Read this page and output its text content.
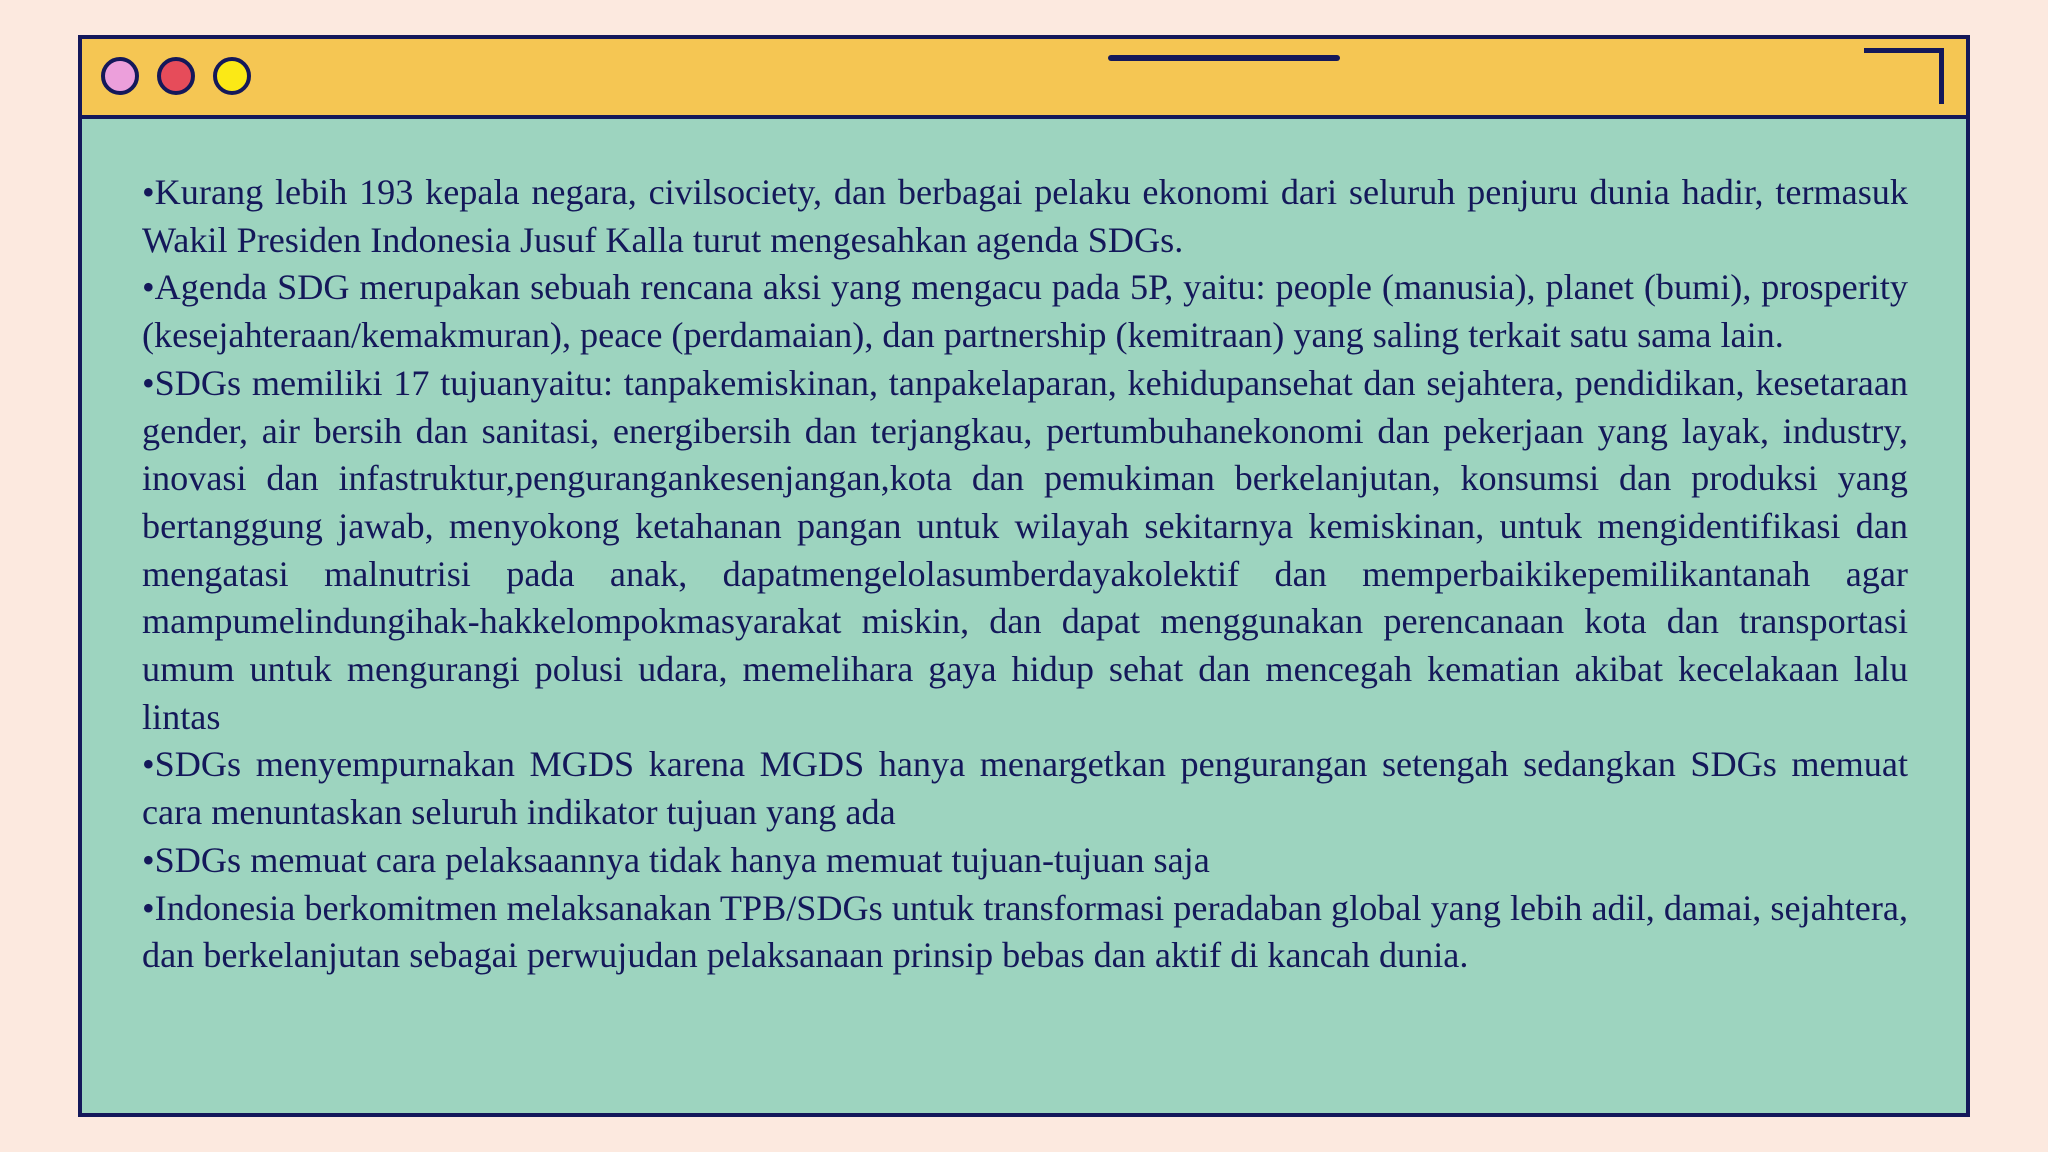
•Kurang lebih 193 kepala negara, civilsociety, dan berbagai pelaku ekonomi dari seluruh penjuru dunia hadir, termasuk Wakil Presiden Indonesia Jusuf Kalla turut mengesahkan agenda SDGs.

•Agenda SDG merupakan sebuah rencana aksi yang mengacu pada 5P, yaitu: people (manusia), planet (bumi), prosperity (kesejahteraan/kemakmuran), peace (perdamaian), dan partnership (kemitraan) yang saling terkait satu sama lain.

•SDGs memiliki 17 tujuanyaitu: tanpakemiskinan, tanpakelaparan, kehidupansehat dan sejahtera, pendidikan, kesetaraan gender, air bersih dan sanitasi, energibersih dan terjangkau, pertumbuhanekonomi dan pekerjaan yang layak, industry, inovasi dan infastruktur,pengurangankesenjangan,kota dan pemukiman berkelanjutan, konsumsi dan produksi yang bertanggung jawab, menyokong ketahanan pangan untuk wilayah sekitarnya kemiskinan, untuk mengidentifikasi dan mengatasi malnutrisi pada anak, dapatmengelolasumberdayakolektif dan memperbaikikepemilikantanah agar mampumelindungihak-hakkelompokmasyarakat miskin, dan dapat menggunakan perencanaan kota dan transportasi umum untuk mengurangi polusi udara, memelihara gaya hidup sehat dan mencegah kematian akibat kecelakaan lalu lintas

•SDGs menyempurnakan MGDS karena MGDS hanya menargetkan pengurangan setengah sedangkan SDGs memuat cara menuntaskan seluruh indikator tujuan yang ada

•SDGs memuat cara pelaksaannya tidak hanya memuat tujuan-tujuan saja

•Indonesia berkomitmen melaksanakan TPB/SDGs untuk transformasi peradaban global yang lebih adil, damai, sejahtera, dan berkelanjutan sebagai perwujudan pelaksanaan prinsip bebas dan aktif di kancah dunia.
